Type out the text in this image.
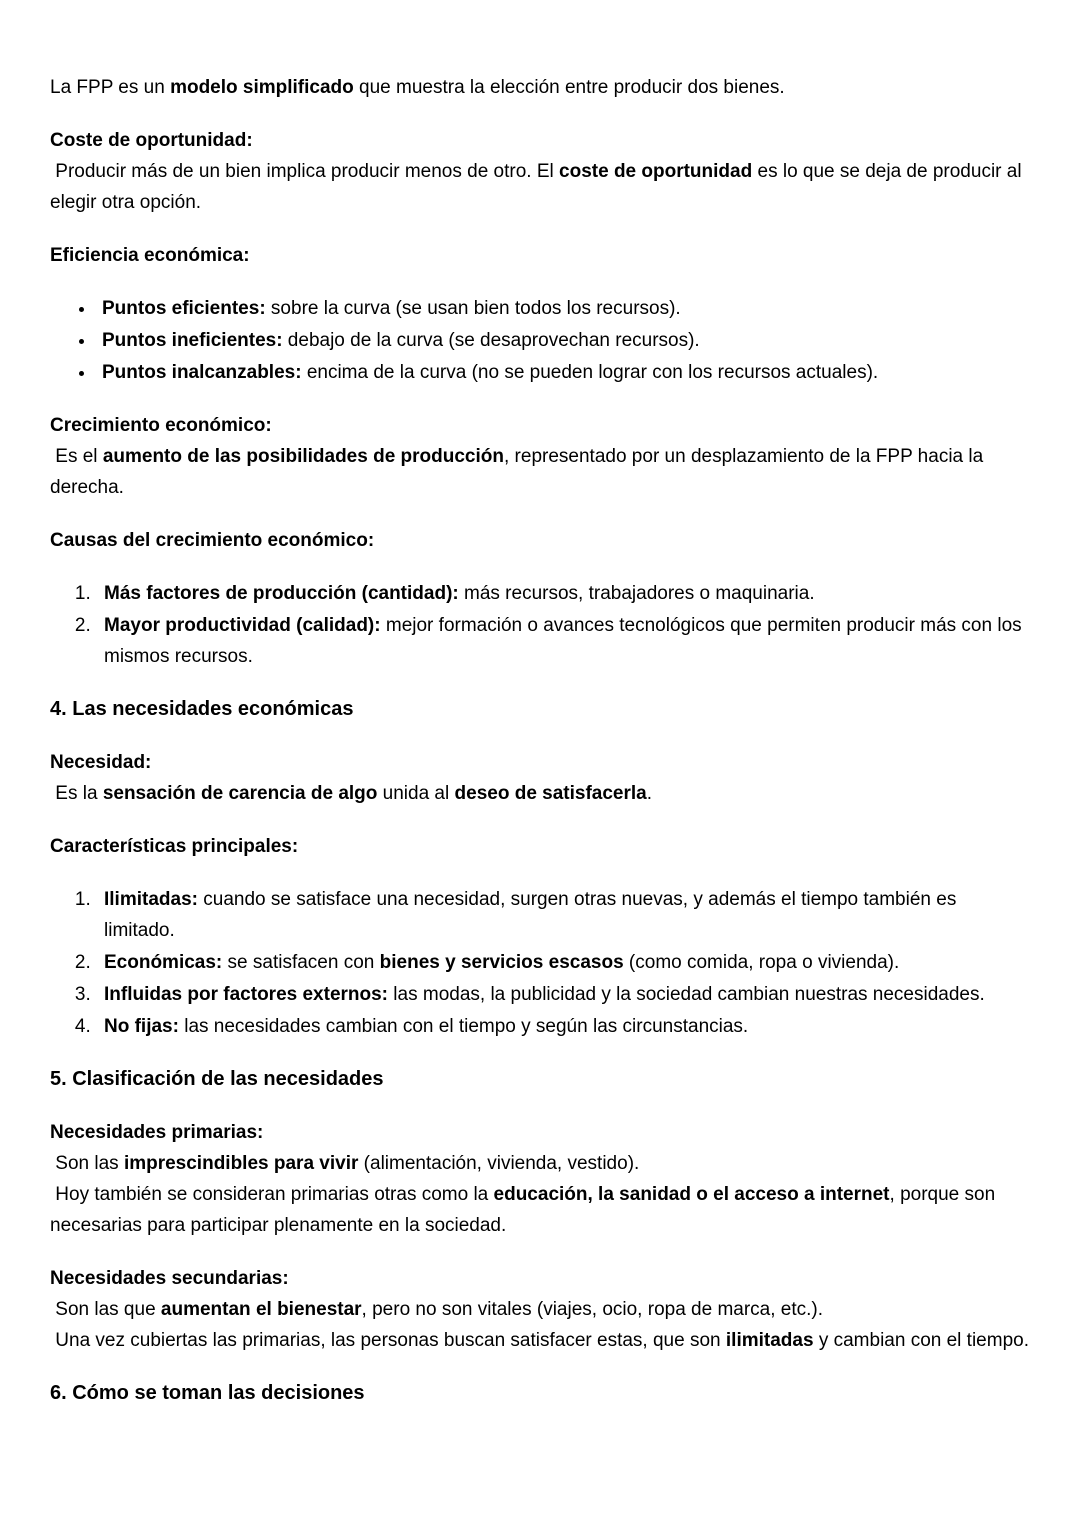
La FPP es un modelo simplificado que muestra la elección entre producir dos bienes.

Coste de oportunidad:

Producir más de un bien implica producir menos de otro. El coste de oportunidad es lo que se deja de producir al elegir otra opción.

Eficiencia económica:
• Puntos eficientes: sobre la curva (se usan bien todos los recursos).
• Puntos ineficientes: debajo de la curva (se desaprovechan recursos).
• Puntos inalcanzables: encima de la curva (no se pueden lograr con los recursos actuales).
Crecimiento económico:

Es el aumento de las posibilidades de producción, representado por un desplazamiento de la FPP hacia la derecha.

Causas del crecimiento económico:
1. Más factores de producción (cantidad): más recursos, trabajadores o maquinaria.
2. Mayor productividad (calidad): mejor formación o avances tecnológicos que permiten producir más con los mismos recursos.
4. Las necesidades económicas
Necesidad:

Es la sensación de carencia de algo unida al deseo de satisfacerla.

Características principales:
1. Ilimitadas: cuando se satisface una necesidad, surgen otras nuevas, y además el tiempo también es limitado.
2. Económicas: se satisfacen con bienes y servicios escasos (como comida, ropa o vivienda).
3. Influidas por factores externos: las modas, la publicidad y la sociedad cambian nuestras necesidades.
4. No fijas: las necesidades cambian con el tiempo y según las circunstancias.
5. Clasificación de las necesidades
Necesidades primarias:

Son las imprescindibles para vivir (alimentación, vivienda, vestido).

Hoy también se consideran primarias otras como la educación, la sanidad o el acceso a internet, porque son necesarias para participar plenamente en la sociedad.

Necesidades secundarias:

Son las que aumentan el bienestar, pero no son vitales (viajes, ocio, ropa de marca, etc.).

Una vez cubiertas las primarias, las personas buscan satisfacer estas, que son ilimitadas y cambian con el tiempo.

6. Cómo se toman las decisiones
